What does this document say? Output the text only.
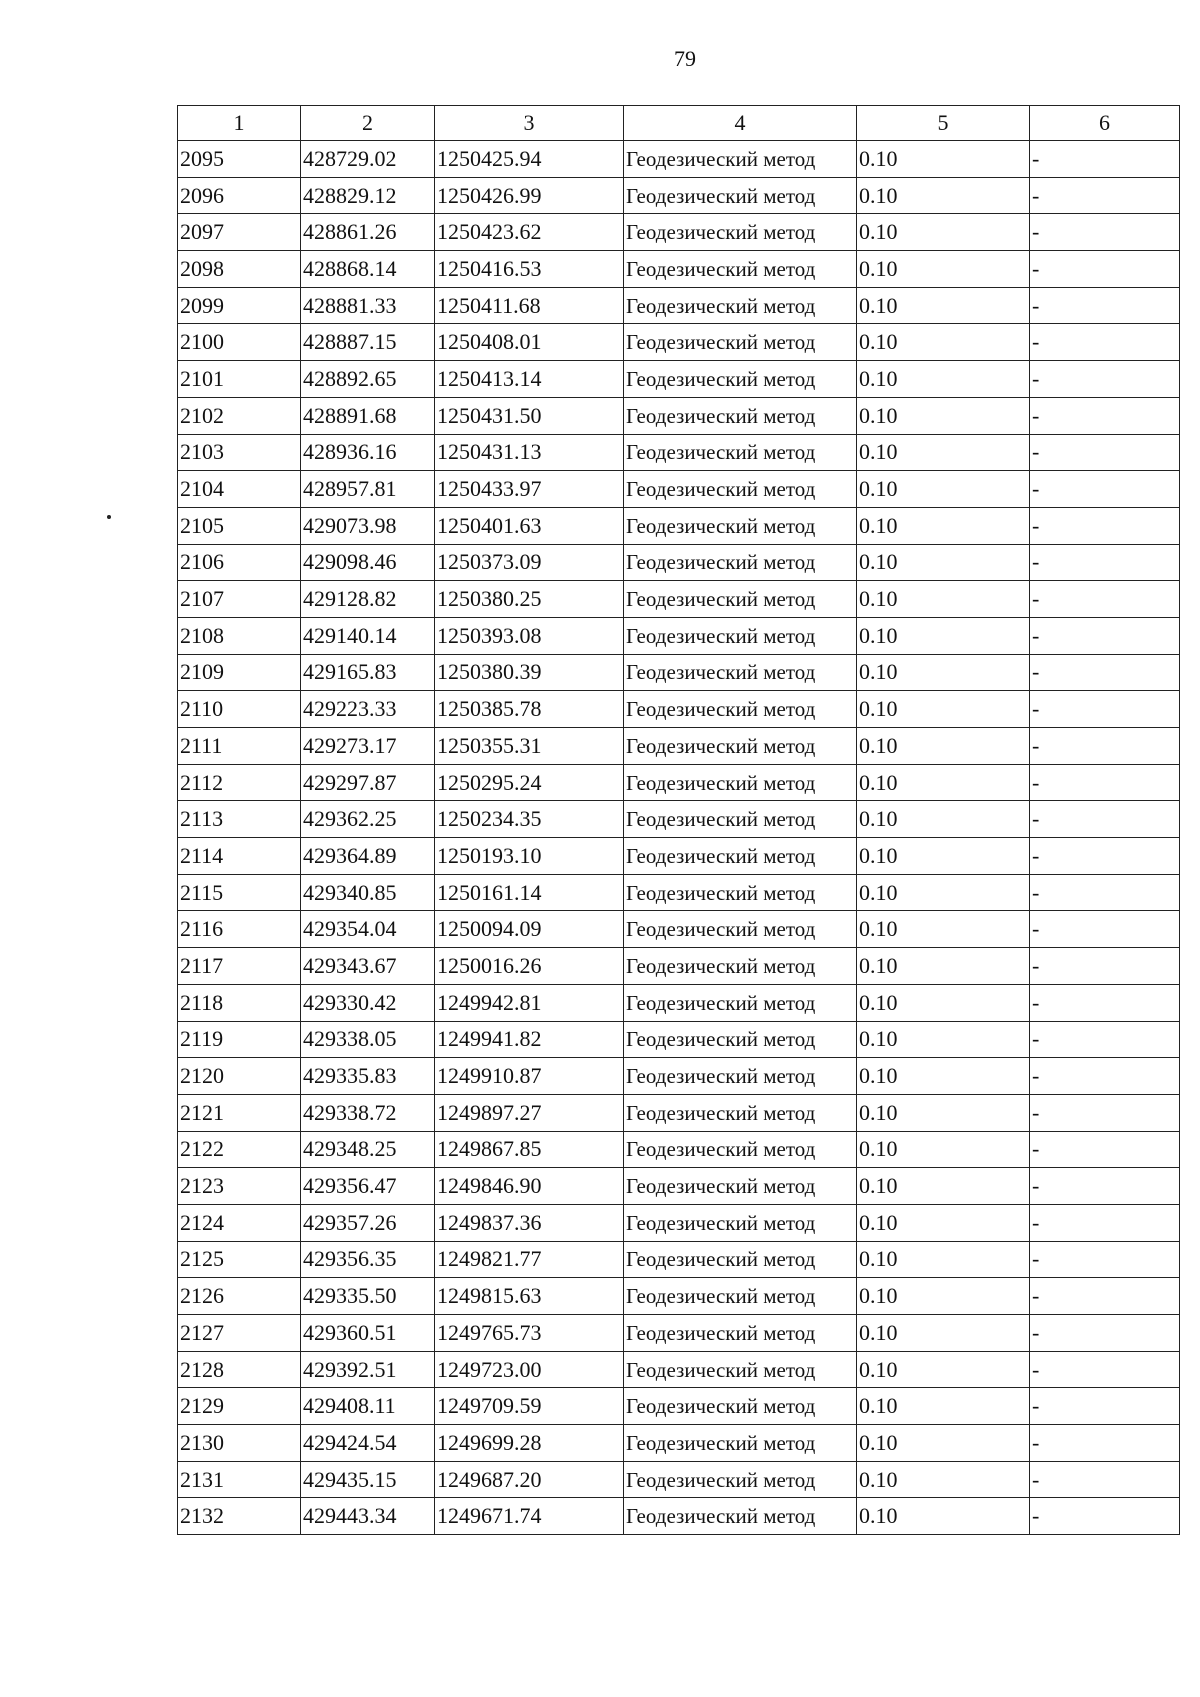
79
1	2	3	4	5	6
2095	428729.02	1250425.94	Геодезический метод	0.10	-
2096	428829.12	1250426.99	Геодезический метод	0.10	-
2097	428861.26	1250423.62	Геодезический метод	0.10	-
2098	428868.14	1250416.53	Геодезический метод	0.10	-
2099	428881.33	1250411.68	Геодезический метод	0.10	-
2100	428887.15	1250408.01	Геодезический метод	0.10	-
2101	428892.65	1250413.14	Геодезический метод	0.10	-
2102	428891.68	1250431.50	Геодезический метод	0.10	-
2103	428936.16	1250431.13	Геодезический метод	0.10	-
2104	428957.81	1250433.97	Геодезический метод	0.10	-
2105	429073.98	1250401.63	Геодезический метод	0.10	-
2106	429098.46	1250373.09	Геодезический метод	0.10	-
2107	429128.82	1250380.25	Геодезический метод	0.10	-
2108	429140.14	1250393.08	Геодезический метод	0.10	-
2109	429165.83	1250380.39	Геодезический метод	0.10	-
2110	429223.33	1250385.78	Геодезический метод	0.10	-
2111	429273.17	1250355.31	Геодезический метод	0.10	-
2112	429297.87	1250295.24	Геодезический метод	0.10	-
2113	429362.25	1250234.35	Геодезический метод	0.10	-
2114	429364.89	1250193.10	Геодезический метод	0.10	-
2115	429340.85	1250161.14	Геодезический метод	0.10	-
2116	429354.04	1250094.09	Геодезический метод	0.10	-
2117	429343.67	1250016.26	Геодезический метод	0.10	-
2118	429330.42	1249942.81	Геодезический метод	0.10	-
2119	429338.05	1249941.82	Геодезический метод	0.10	-
2120	429335.83	1249910.87	Геодезический метод	0.10	-
2121	429338.72	1249897.27	Геодезический метод	0.10	-
2122	429348.25	1249867.85	Геодезический метод	0.10	-
2123	429356.47	1249846.90	Геодезический метод	0.10	-
2124	429357.26	1249837.36	Геодезический метод	0.10	-
2125	429356.35	1249821.77	Геодезический метод	0.10	-
2126	429335.50	1249815.63	Геодезический метод	0.10	-
2127	429360.51	1249765.73	Геодезический метод	0.10	-
2128	429392.51	1249723.00	Геодезический метод	0.10	-
2129	429408.11	1249709.59	Геодезический метод	0.10	-
2130	429424.54	1249699.28	Геодезический метод	0.10	-
2131	429435.15	1249687.20	Геодезический метод	0.10	-
2132	429443.34	1249671.74	Геодезический метод	0.10	-
